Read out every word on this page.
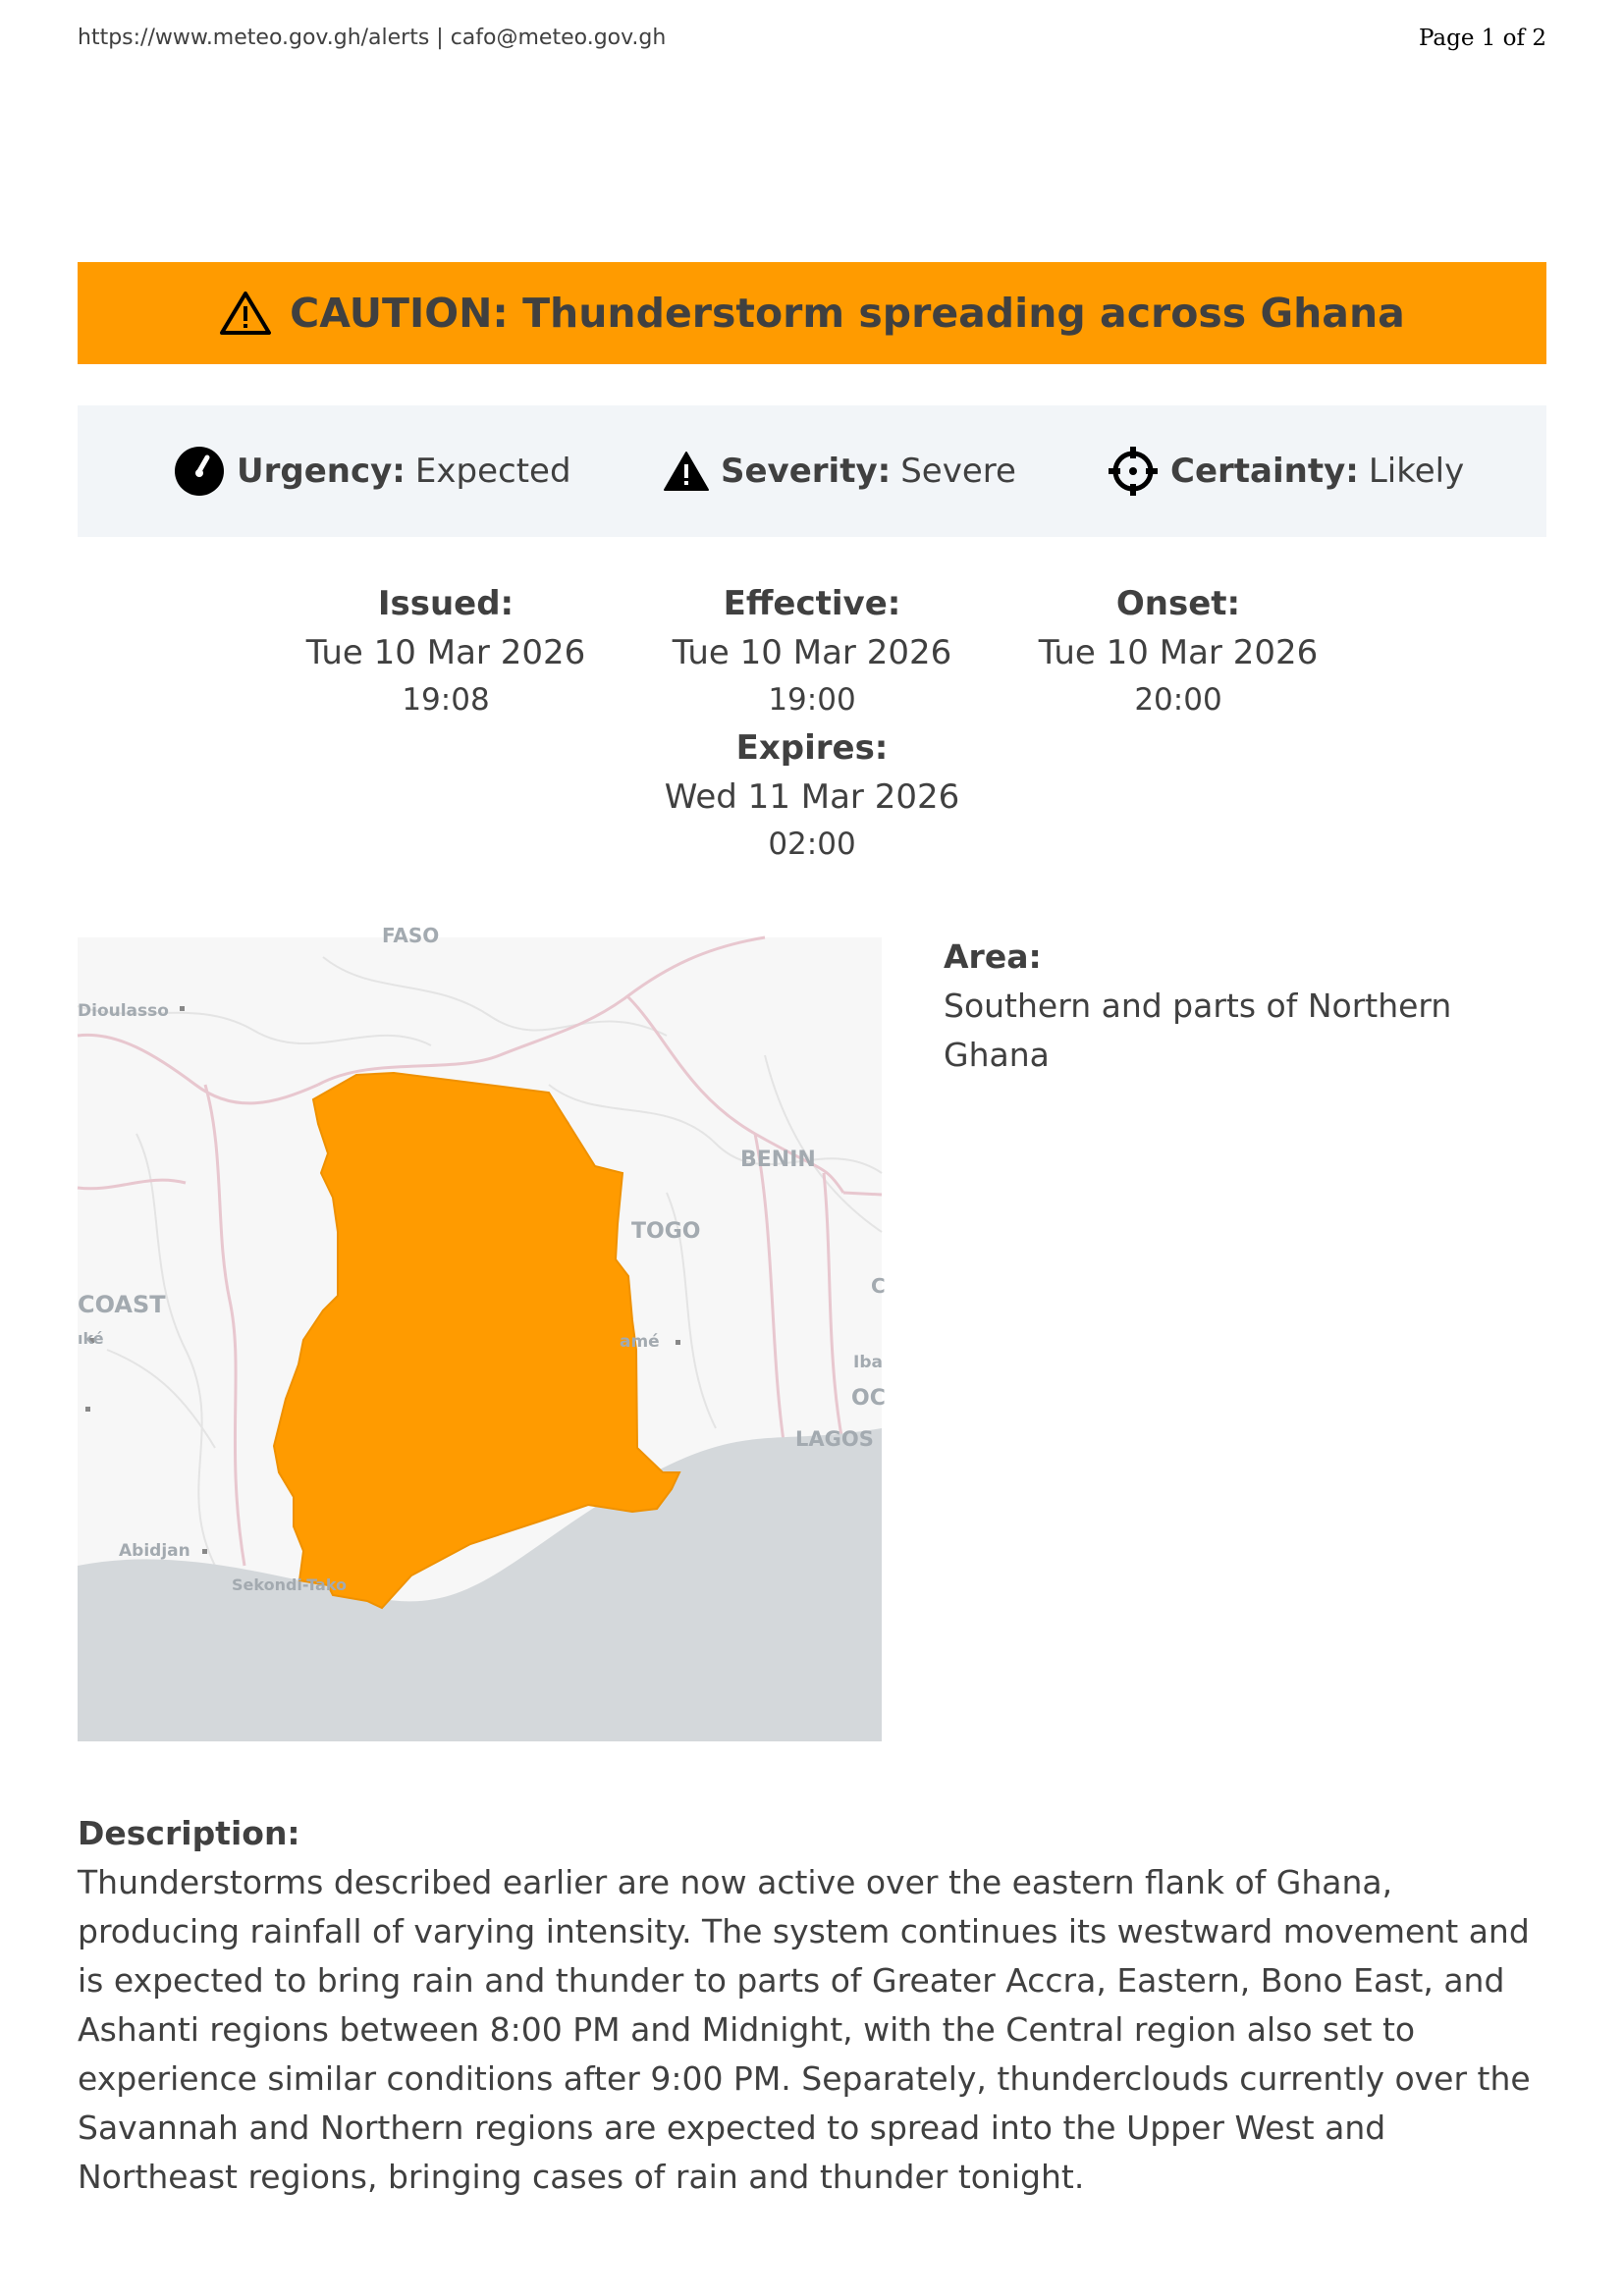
https://www.meteo.gov.gh/alerts | cafo@meteo.gov.gh	Page 1 of 2
CAUTION: Thunderstorm spreading across Ghana
Urgency: Expected	Severity: Severe	Certainty: Likely
Issued:
Tue 10 Mar 2026
19:08
Effective:
Tue 10 Mar 2026
19:00
Onset:
Tue 10 Mar 2026
20:00
Expires:
Wed 11 Mar 2026
02:00
FASO
Dioulasso
BENIN
TOGO
COAST
ıké	amé
Iba
OC
LAGOS
Abidjan
Sekondi-Tako
C
Area:
Southern and parts of Northern Ghana
Description:
Thunderstorms described earlier are now active over the eastern flank of Ghana, producing rainfall of varying intensity. The system continues its westward movement and is expected to bring rain and thunder to parts of Greater Accra, Eastern, Bono East, and Ashanti regions between 8:00 PM and Midnight, with the Central region also set to experience similar conditions after 9:00 PM. Separately, thunderclouds currently over the Savannah and Northern regions are expected to spread into the Upper West and Northeast regions, bringing cases of rain and thunder tonight.
